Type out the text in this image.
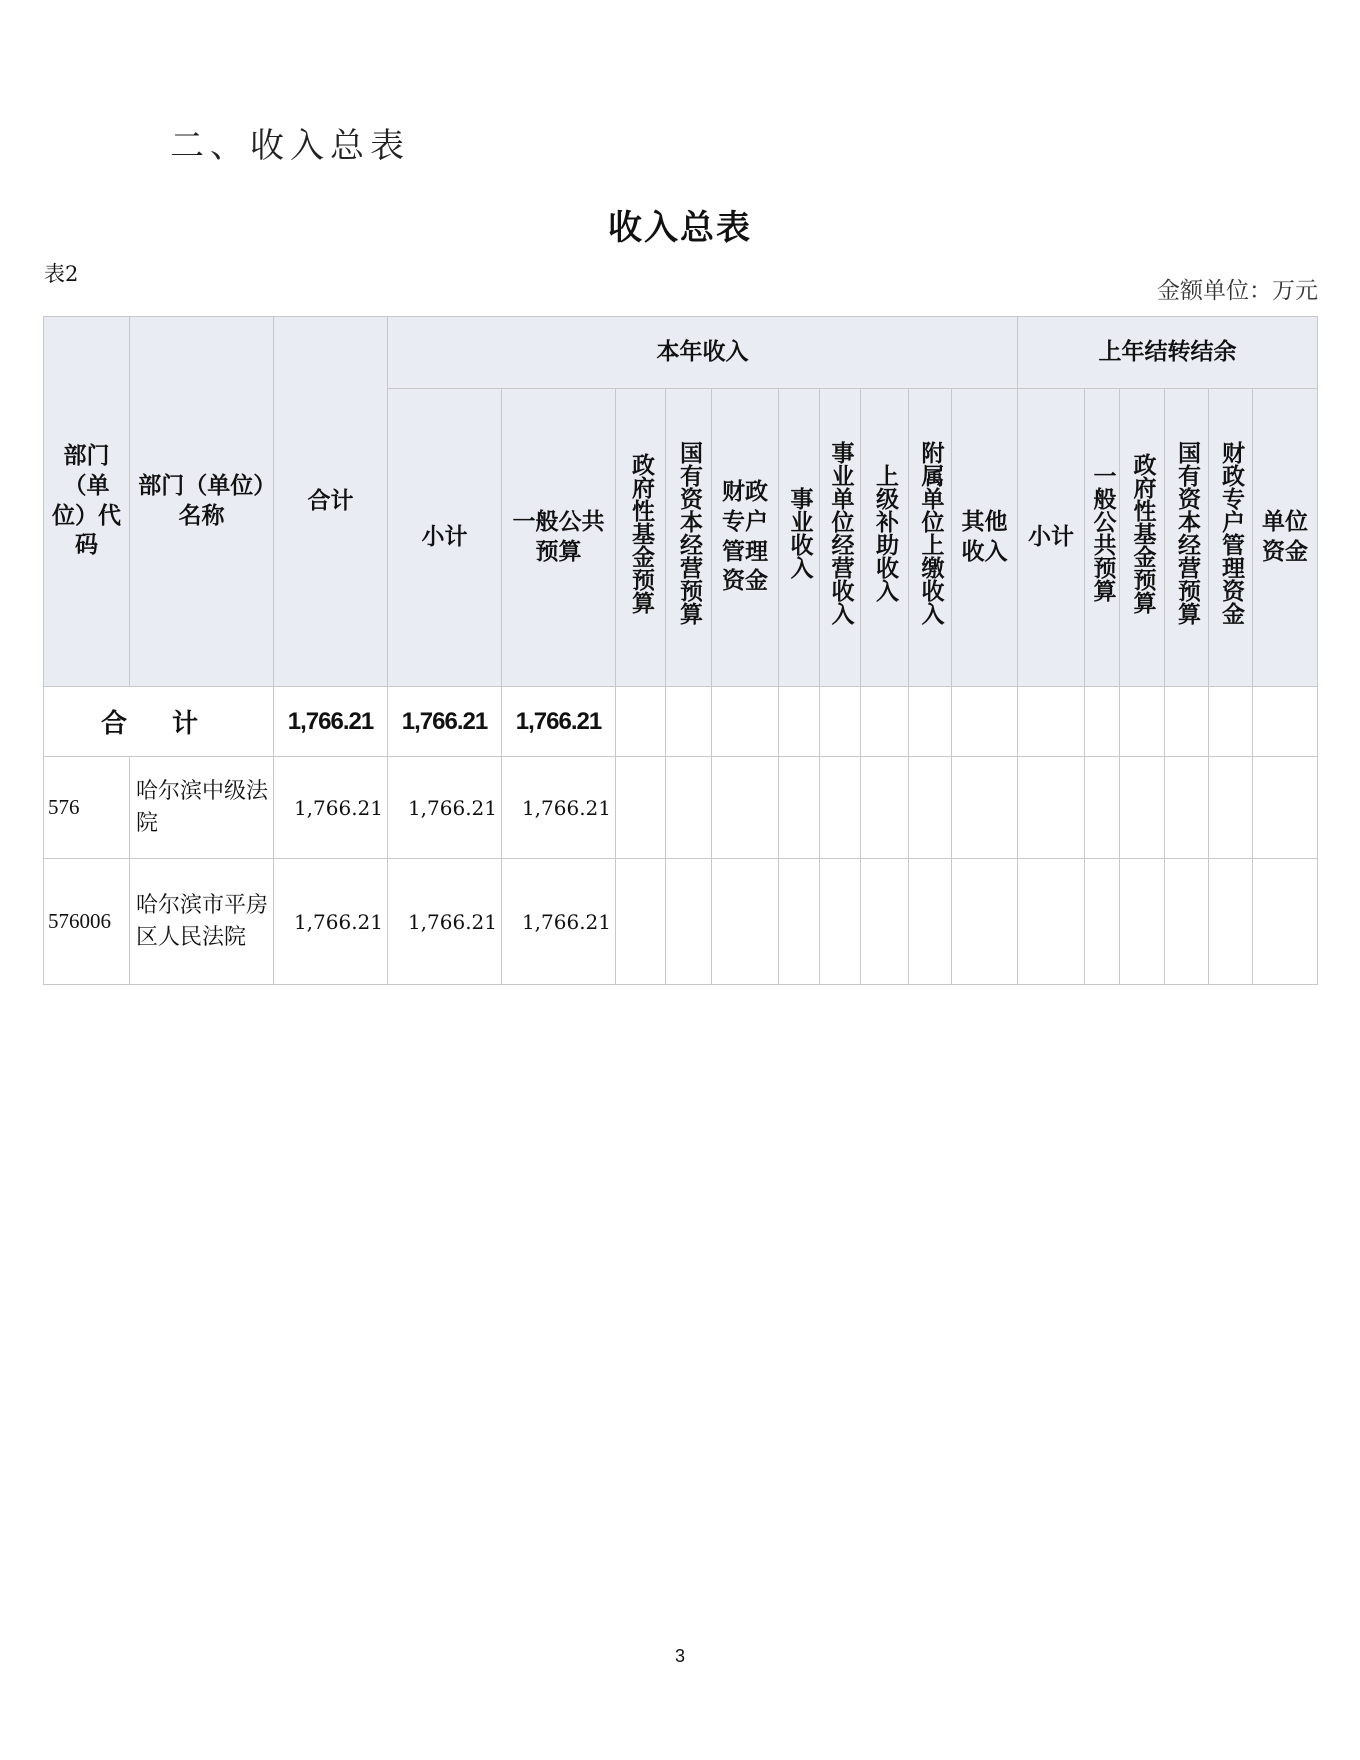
二、收入总表
收入总表
表2
金额单位：万元
部门（单位）代码	部门（单位）名称	合计	本年收入										上年结转结余					
			小计	一般公共预算	政府性基金预算	国有资本经营预算	财政专户管理资金	事业收入	事业单位经营收入	上级补助收入	附属单位上缴收入	其他收入	小计	一般公共预算	政府性基金预算	国有资本经营预算	财政专户管理资金	单位资金

合 计		1,766.21	1,766.21	1,766.21														
576	哈尔滨中级法院	1,766.21	1,766.21	1,766.21														
576006	哈尔滨市平房区人民法院	1,766.21	1,766.21	1,766.21														
3
